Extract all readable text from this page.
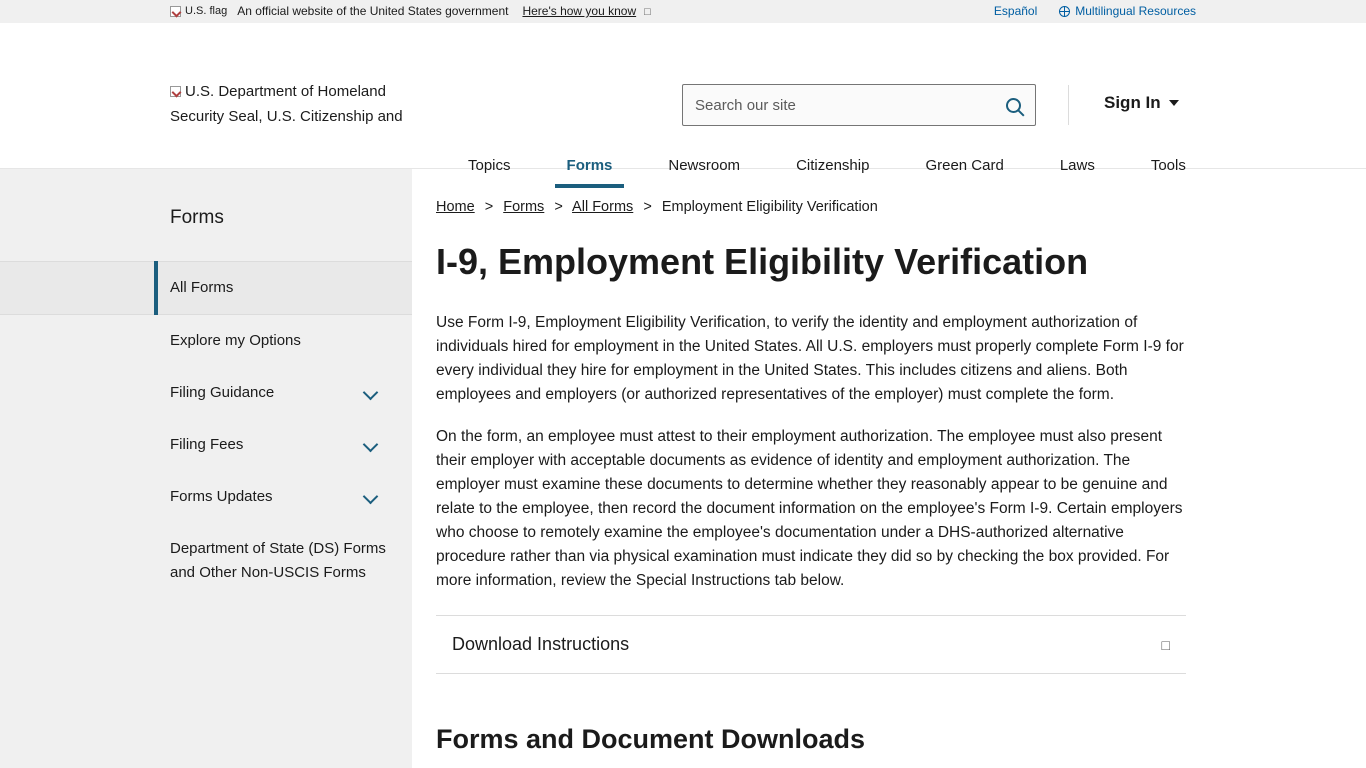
U.S. flag An official website of the United States government Here's how you know □	Español	Multilingual Resources
U.S. Department of Homeland Security Seal, U.S. Citizenship and
Search our site
Sign In
Topics	Forms	Newsroom	Citizenship	Green Card	Laws	Tools
Forms
All Forms
Explore my Options
Filing Guidance
Filing Fees
Forms Updates
Department of State (DS) Forms and Other Non-USCIS Forms
Home > Forms > All Forms > Employment Eligibility Verification
I-9, Employment Eligibility Verification

Use Form I-9, Employment Eligibility Verification, to verify the identity and employment authorization of individuals hired for employment in the United States. All U.S. employers must properly complete Form I-9 for every individual they hire for employment in the United States. This includes citizens and aliens. Both employees and employers (or authorized representatives of the employer) must complete the form.

On the form, an employee must attest to their employment authorization. The employee must also present their employer with acceptable documents as evidence of identity and employment authorization. The employer must examine these documents to determine whether they reasonably appear to be genuine and relate to the employee, then record the document information on the employee's Form I-9. Certain employers who choose to remotely examine the employee's documentation under a DHS-authorized alternative procedure rather than via physical examination must indicate they did so by checking the box provided. For more information, review the Special Instructions tab below.

Download Instructions	□
Forms and Document Downloads
